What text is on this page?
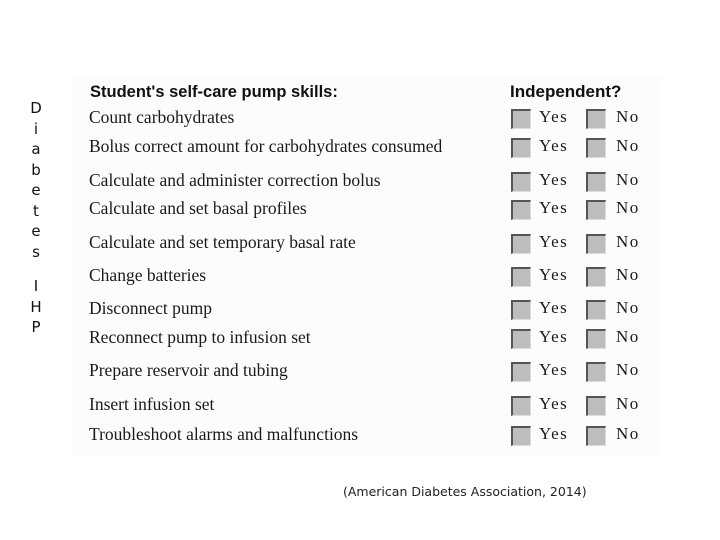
D
i
a
b
e
t
e
s
I
H
P
Student's self-care pump skills:	Independent?
Count carbohydrates	Yes	No
Bolus correct amount for carbohydrates consumed	Yes	No
Calculate and administer correction bolus	Yes	No
Calculate and set basal profiles	Yes	No
Calculate and set temporary basal rate	Yes	No
Change batteries	Yes	No
Disconnect pump	Yes	No
Reconnect pump to infusion set	Yes	No
Prepare reservoir and tubing	Yes	No
Insert infusion set	Yes	No
Troubleshoot alarms and malfunctions	Yes	No
(American Diabetes Association, 2014)
